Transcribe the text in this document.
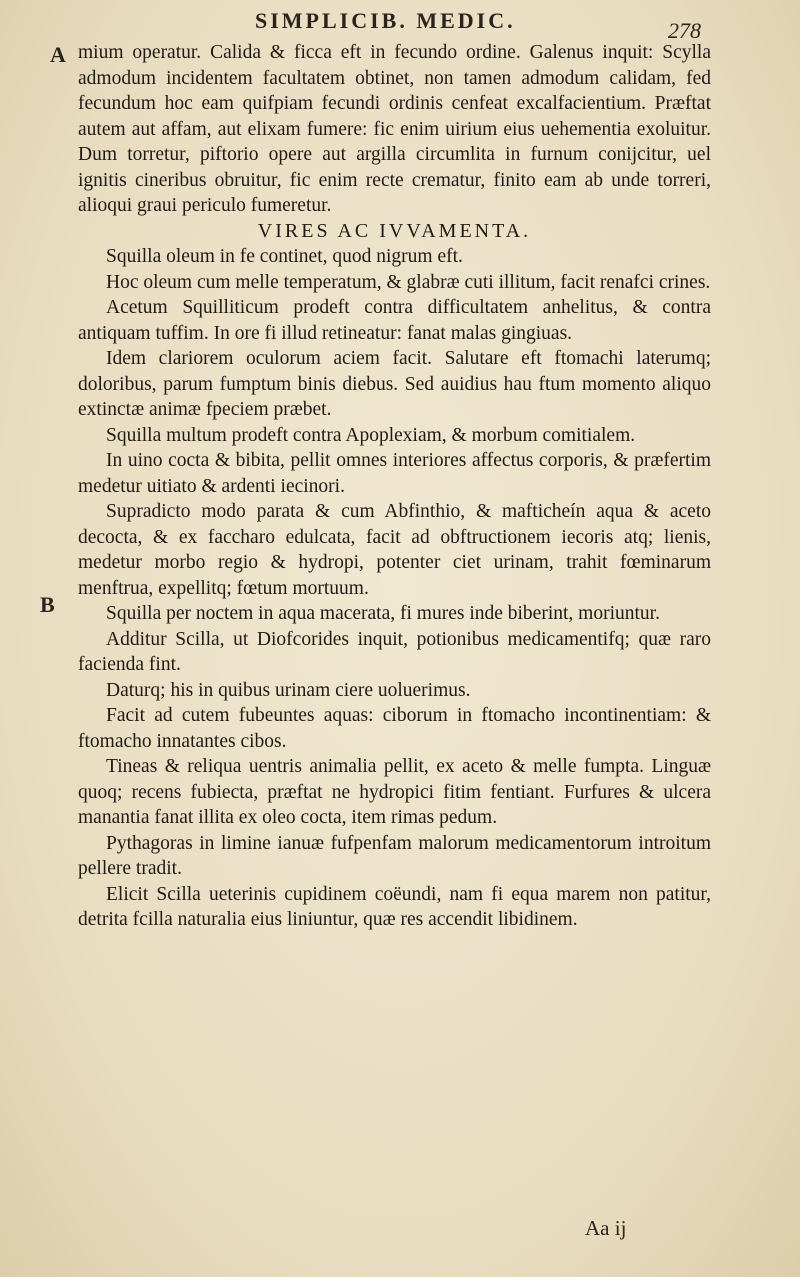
SIMPLICIB. MEDIC.	278
A
B

mium operatur. Calida & ficca eft in fecundo ordine. Galenus inquit: Scylla admodum incidentem facultatem obtinet, non tamen admodum calidam, fed fecundum hoc eam quifpiam fecundi ordinis cenfeat excalfacientium. Præftat autem aut affam, aut elixam fumere: fic enim uirium eius uehementia exoluitur. Dum torretur, piftorio opere aut argilla circumlita in furnum conijcitur, uel ignitis cineribus obruitur, fic enim recte crematur, finito eam ab unde torreri, alioqui graui periculo fumeretur.

VIRES AC IVVAMENTA.

Squilla oleum in fe continet, quod nigrum eft.

Hoc oleum cum melle temperatum, & glabræ cuti illitum, facit renafci crines.

Acetum Squilliticum prodeft contra difficultatem anhelitus, & contra antiquam tuffim. In ore fi illud retineatur: fanat malas gingiuas.

Idem clariorem oculorum aciem facit. Salutare eft ftomachi laterumq; doloribus, parum fumptum binis diebus. Sed auidius hau ftum momento aliquo extinctæ animæ fpeciem præbet.

Squilla multum prodeft contra Apoplexiam, & morbum comitialem.

In uino cocta & bibita, pellit omnes interiores affectus corporis, & præfertim medetur uitiato & ardenti iecinori.

Supradicto modo parata & cum Abfinthio, & mafticheín aqua & aceto decocta, & ex faccharo edulcata, facit ad obftructionem iecoris atq; lienis, medetur morbo regio & hydropi, potenter ciet urinam, trahit fœminarum menftrua, expellitq; fœtum mortuum.

Squilla per noctem in aqua macerata, fi mures inde biberint, moriuntur.

Additur Scilla, ut Diofcorides inquit, potionibus medicamentifq; quæ raro facienda fint.

Daturq; his in quibus urinam ciere uoluerimus.

Facit ad cutem fubeuntes aquas: ciborum in ftomacho incontinentiam: & ftomacho innatantes cibos.

Tineas & reliqua uentris animalia pellit, ex aceto & melle fumpta. Linguæ quoq; recens fubiecta, præftat ne hydropici fitim fentiant. Furfures & ulcera manantia fanat illita ex oleo cocta, item rimas pedum.

Pythagoras in limine ianuæ fufpenfam malorum medicamentorum introitum pellere tradit.

Elicit Scilla ueterinis cupidinem coëundi, nam fi equa marem non patitur, detrita fcilla naturalia eius liniuntur, quæ res accendit libidinem.

Aa ij
